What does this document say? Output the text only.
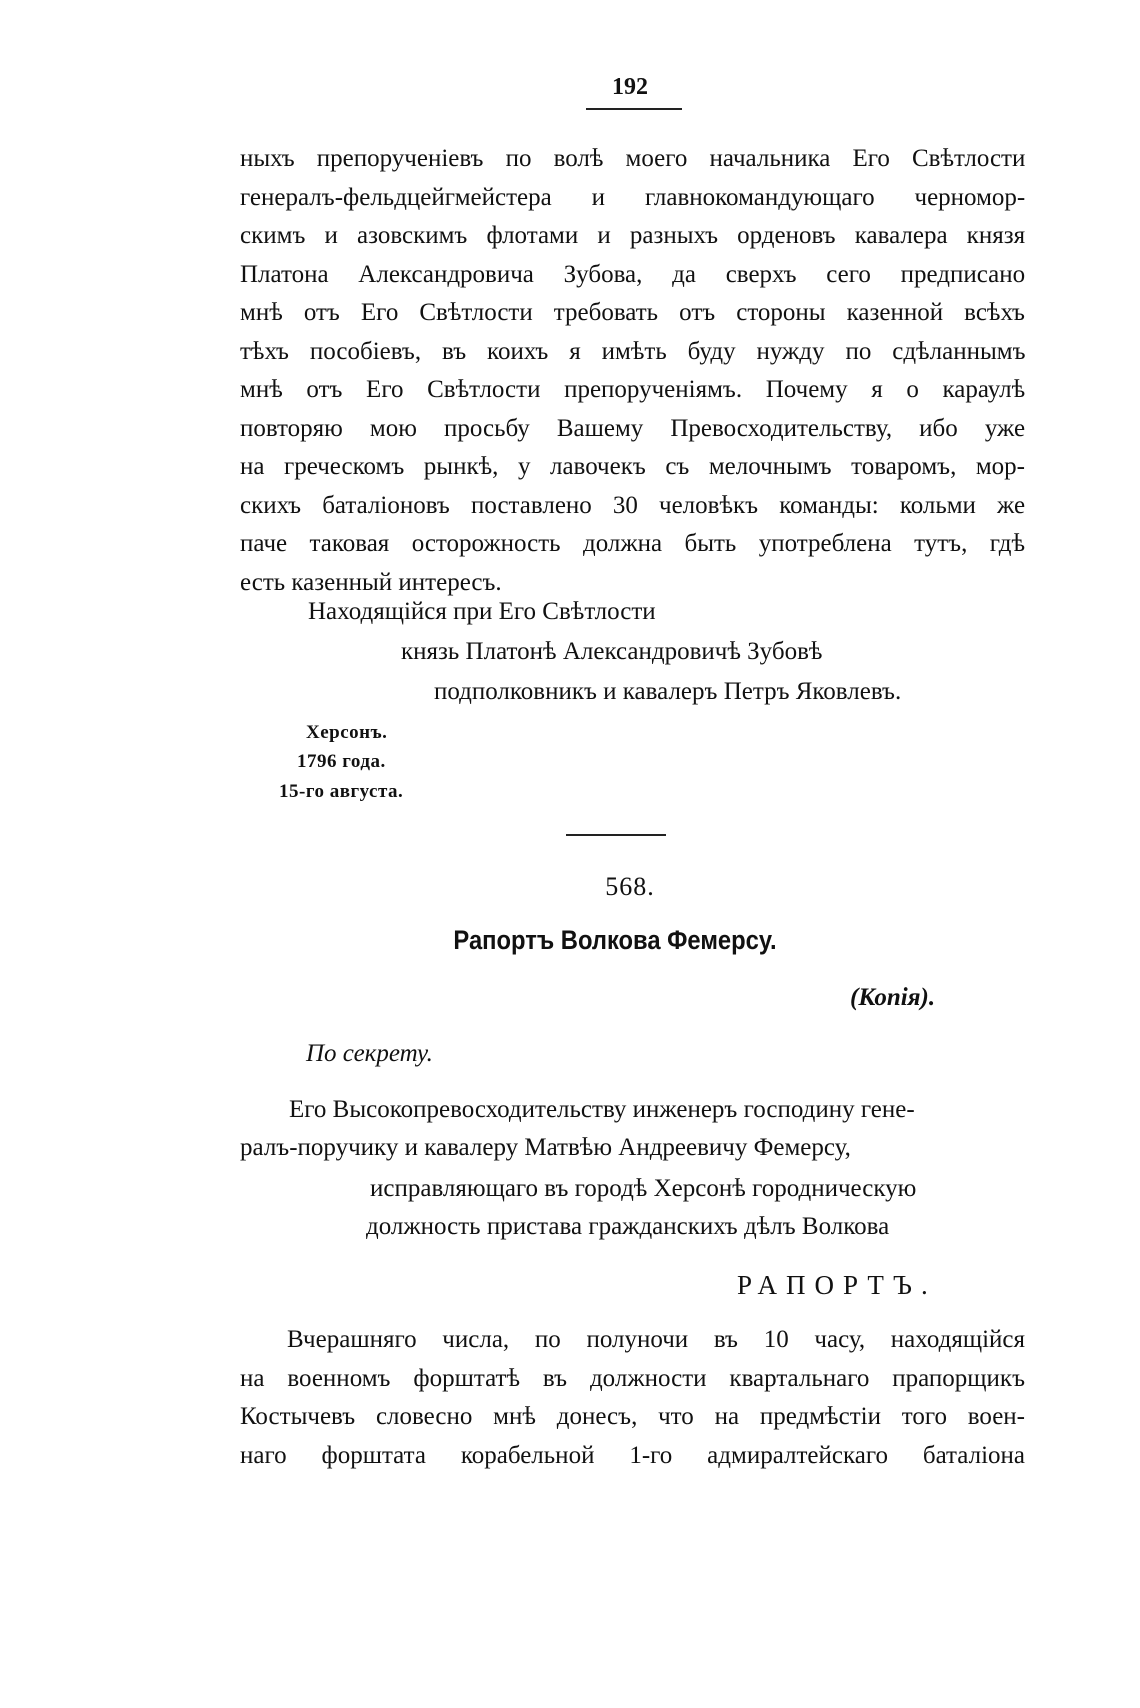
192
ныхъ препорученіевъ по волѣ моего начальника Его Свѣтлости
генералъ-фельдцейгмейстера и главнокомандующаго черномор-
скимъ и азовскимъ флотами и разныхъ орденовъ кавалера князя
Платона Александровича Зубова, да сверхъ сего предписано
мнѣ отъ Его Свѣтлости требовать отъ стороны казенной всѣхъ
тѣхъ пособіевъ, въ коихъ я имѣть буду нужду по сдѣланнымъ
мнѣ отъ Его Свѣтлости препорученіямъ. Почему я о караулѣ
повторяю мою просьбу Вашему Превосходительству, ибо уже
на греческомъ рынкѣ, у лавочекъ съ мелочнымъ товаромъ, мор-
скихъ баталіоновъ поставлено 30 человѣкъ команды: кольми же
паче таковая осторожность должна быть употреблена тутъ, гдѣ
есть казенный интересъ.
Находящійся при Его Свѣтлости
князь Платонѣ Александровичѣ Зубовѣ
подполковникъ и кавалеръ Петръ Яковлевъ.
Херсонъ.
1796 года.
15-го августа.
568.
Рапортъ Волкова Фемерсу.
(Копія).
По секрету.
Его Высокопревосходительству инженеръ господину гене-
ралъ-поручику и кавалеру Матвѣю Андреевичу Фемерсу,
исправляющаго въ городѣ Херсонѣ городническую
должность пристава гражданскихъ дѣлъ Волкова
РАПОРТЪ.
Вчерашняго числа, по полуночи въ 10 часу, находящійся
на военномъ форштатѣ въ должности квартальнаго прапорщикъ
Костычевъ словесно мнѣ донесъ, что на предмѣстіи того воен-
наго форштата корабельной 1-го адмиралтейскаго баталіона
